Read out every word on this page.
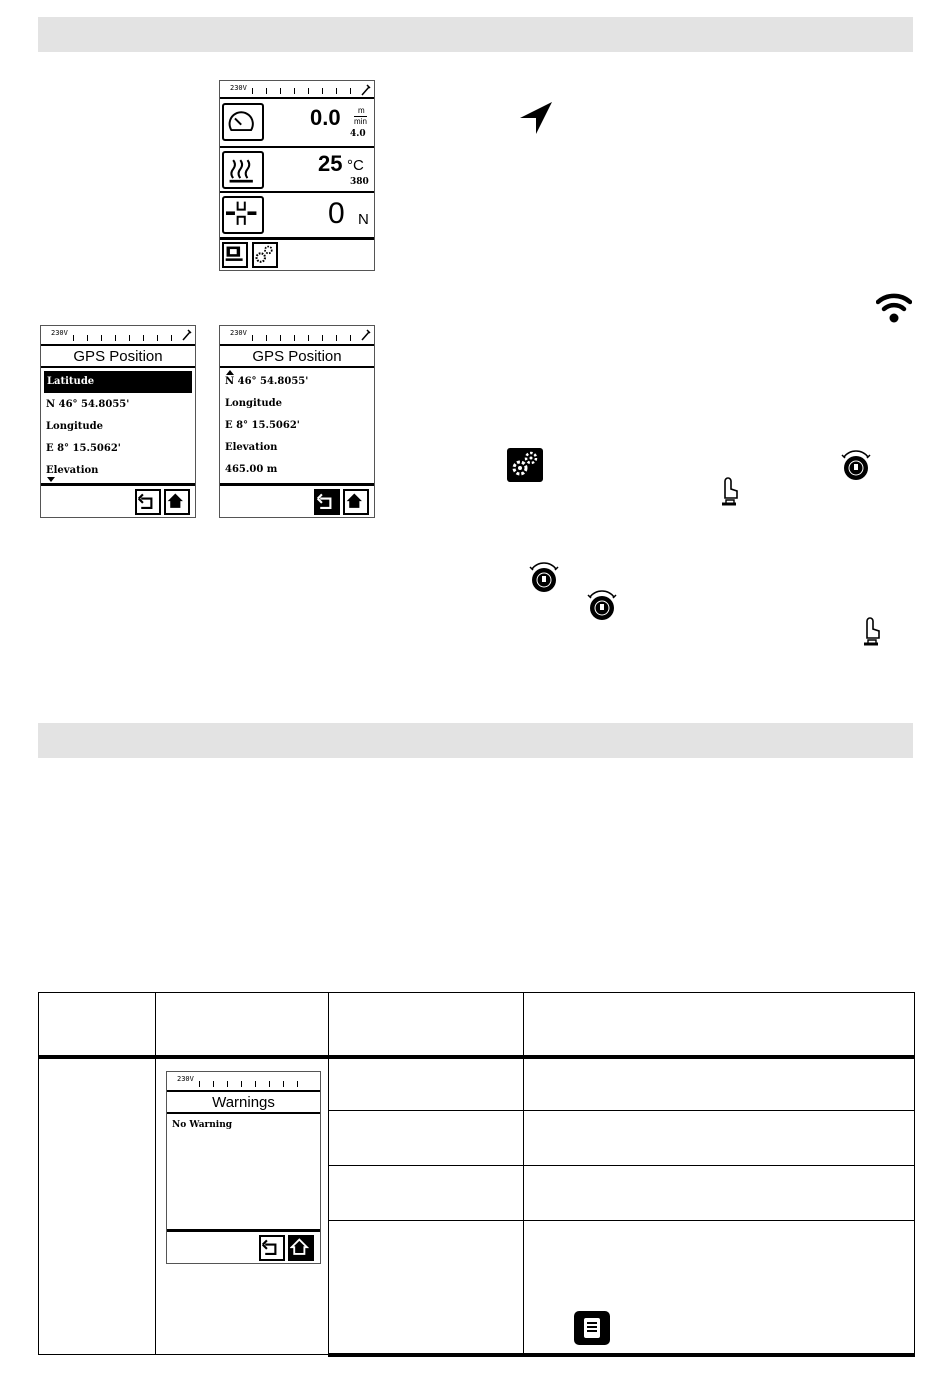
230V
0.0 m
min
4.0
25 °C
380
0 N
230V
GPS Position
Latitude
N 46° 54.8055'
Longitude
E 8° 15.5062'
Elevation
230V
GPS Position
N 46° 54.8055'
Longitude
E 8° 15.5062'
Elevation
465.00 m

	230V
Warnings
No Warning		
